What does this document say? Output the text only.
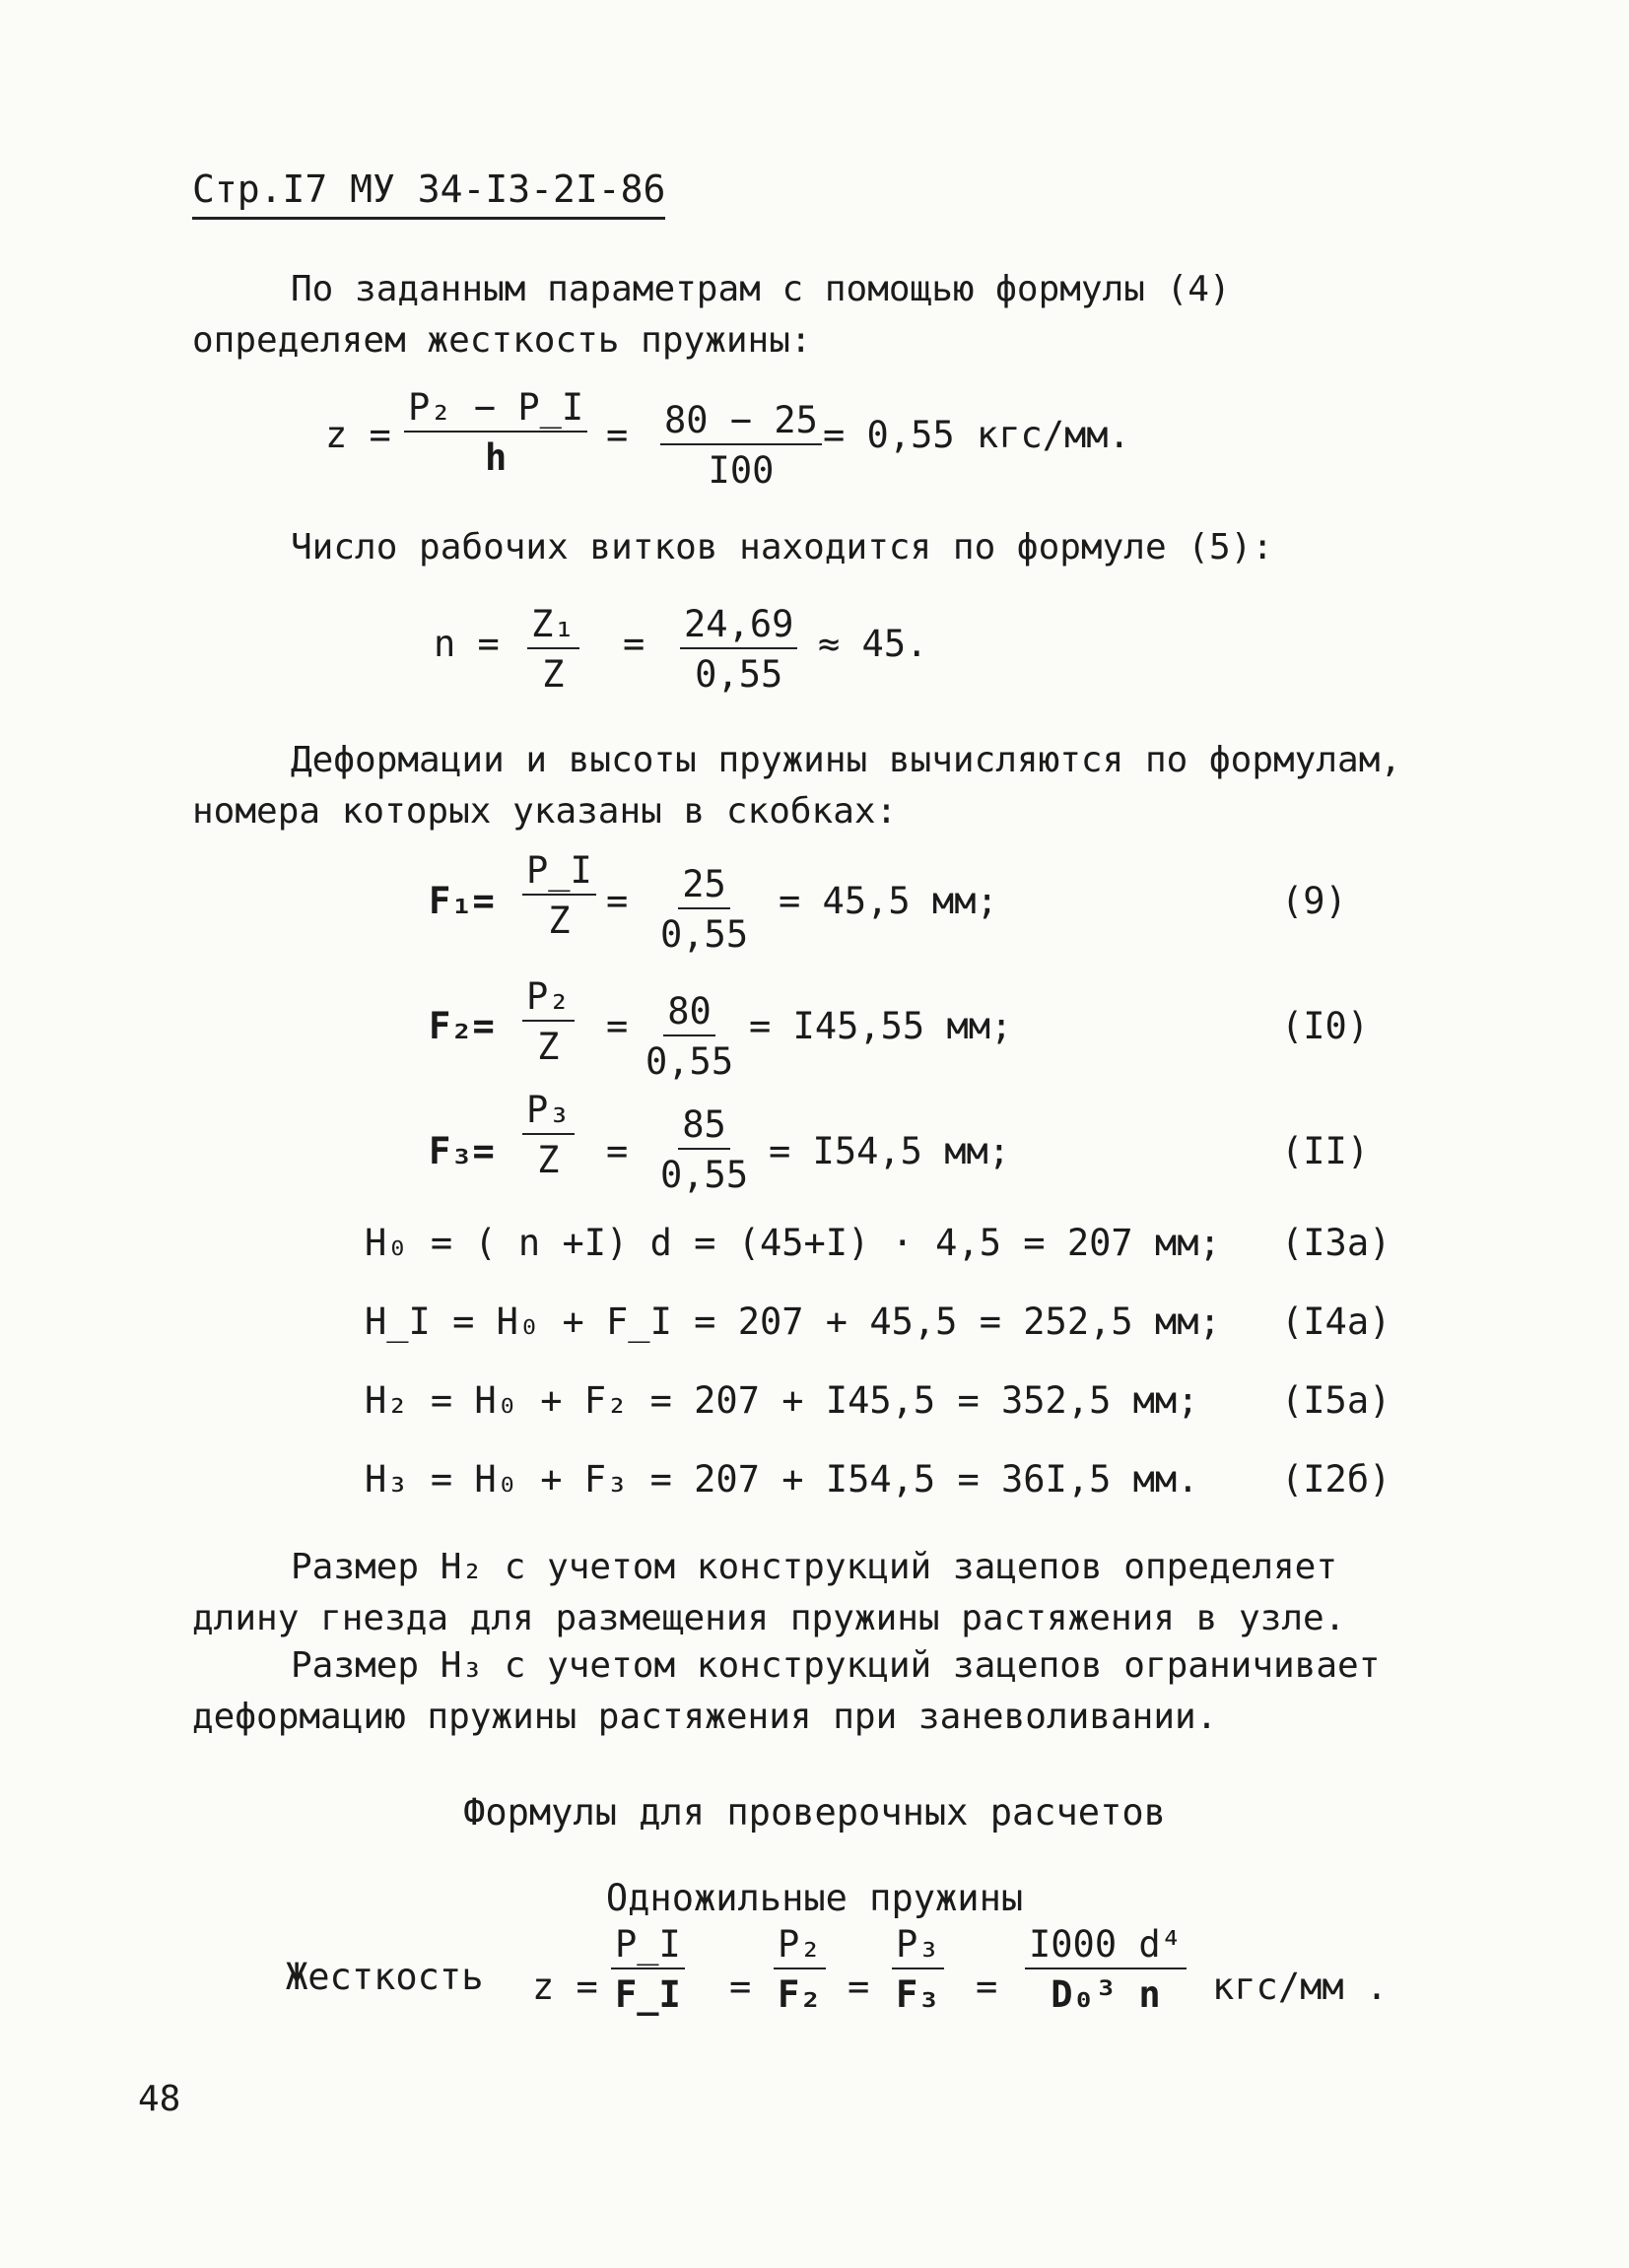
Стр.I7 МУ 34-I3-2I-86
По заданным параметрам с помощью формулы (4) определяем жесткость пружины:
$z = \frac{\text{P₂ − P\_I}}{h} = \frac{80 - 25}{I00} = 0,55$ кгс/мм.
Число рабочих витков находится по формуле (5):
$n = \frac{\text{Z₁}}{Z} = \frac{24,69}{0,55} \approx 45$.
Деформации и высоты пружины вычисляются по формулам, номера которых указаны в скобках:
$F_1= \frac{P\_I}{Z} = \frac{25}{0,55} = 45,5$ мм;	(9)
$F_2= \frac{\text{P₂}}{Z} = \frac{80}{0,55} = I45,55$ мм;	(I0)
$F_3= \frac{\text{P₃}}{Z} = \frac{85}{0,55} = I54,5$ мм;	(II)
H₀ = ( n +I) d = (45+I) · 4,5 = 207 мм; (I3а)
H_I = H₀ + F_I = 207 + 45,5 = 252,5 мм; (I4а)
H₂ = H₀ + F₂ = 207 + I45,5 = 352,5 мм; (I5а)
H₃ = H₀ + F₃ = 207 + I54,5 = 36I,5 мм. (I2б)
Размер H₂ с учетом конструкций зацепов определяет длину гнезда для размещения пружины растяжения в узле.
Размер H₃ с учетом конструкций зацепов ограничивает деформацию пружины растяжения при заневоливании.
Формулы для проверочных расчетов
Одножильные пружины
Жесткость $z = \frac{P\_I}{F\_I} = \frac{\text{P₂}}{\text{F₂}} = \frac{\text{P₃}}{\text{F₃}} = \frac{\text{I000 d⁴}}{\text{D₀³ n}} кгс/мм$ .
48
